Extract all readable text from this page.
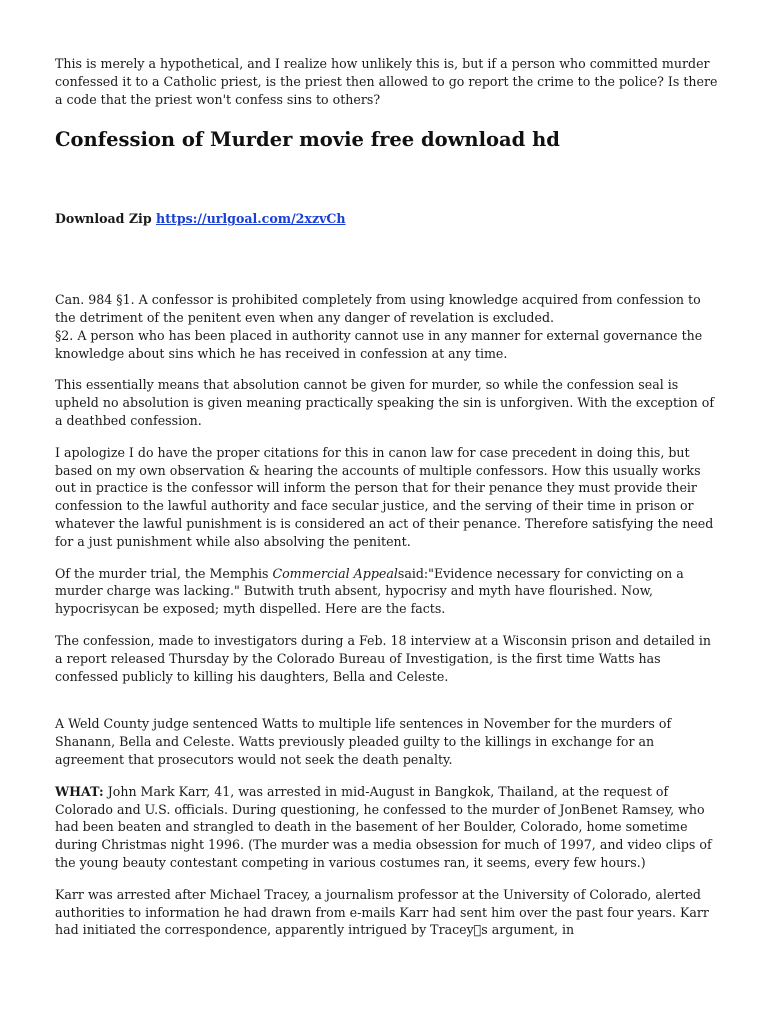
This is merely a hypothetical, and I realize how unlikely this is, but if a person who committed murder confessed it to a Catholic priest, is the priest then allowed to go report the crime to the police? Is there a code that the priest won't confess sins to others?

Confession of Murder movie free download hd
Download Zip https://urlgoal.com/2xzvCh

Can. 984 §1. A confessor is prohibited completely from using knowledge acquired from confession to the detriment of the penitent even when any danger of revelation is excluded.
§2. A person who has been placed in authority cannot use in any manner for external governance the knowledge about sins which he has received in confession at any time.

This essentially means that absolution cannot be given for murder, so while the confession seal is upheld no absolution is given meaning practically speaking the sin is unforgiven. With the exception of a deathbed confession.

I apologize I do have the proper citations for this in canon law for case precedent in doing this, but based on my own observation & hearing the accounts of multiple confessors. How this usually works out in practice is the confessor will inform the person that for their penance they must provide their confession to the lawful authority and face secular justice, and the serving of their time in prison or whatever the lawful punishment is is considered an act of their penance. Therefore satisfying the need for a just punishment while also absolving the penitent.

Of the murder trial, the Memphis Commercial Appealsaid:"Evidence necessary for convicting on a murder charge was lacking." Butwith truth absent, hypocrisy and myth have flourished. Now, hypocrisycan be exposed; myth dispelled. Here are the facts.

The confession, made to investigators during a Feb. 18 interview at a Wisconsin prison and detailed in a report released Thursday by the Colorado Bureau of Investigation, is the first time Watts has confessed publicly to killing his daughters, Bella and Celeste.

A Weld County judge sentenced Watts to multiple life sentences in November for the murders of Shanann, Bella and Celeste. Watts previously pleaded guilty to the killings in exchange for an agreement that prosecutors would not seek the death penalty.

WHAT: John Mark Karr, 41, was arrested in mid-August in Bangkok, Thailand, at the request of Colorado and U.S. officials. During questioning, he confessed to the murder of JonBenet Ramsey, who had been beaten and strangled to death in the basement of her Boulder, Colorado, home sometime during Christmas night 1996. (The murder was a media obsession for much of 1997, and video clips of the young beauty contestant competing in various costumes ran, it seems, every few hours.)

Karr was arrested after Michael Tracey, a journalism professor at the University of Colorado, alerted authorities to information he had drawn from e-mails Karr had sent him over the past four years. Karr had initiated the correspondence, apparently intrigued by Tracey s argument, in
